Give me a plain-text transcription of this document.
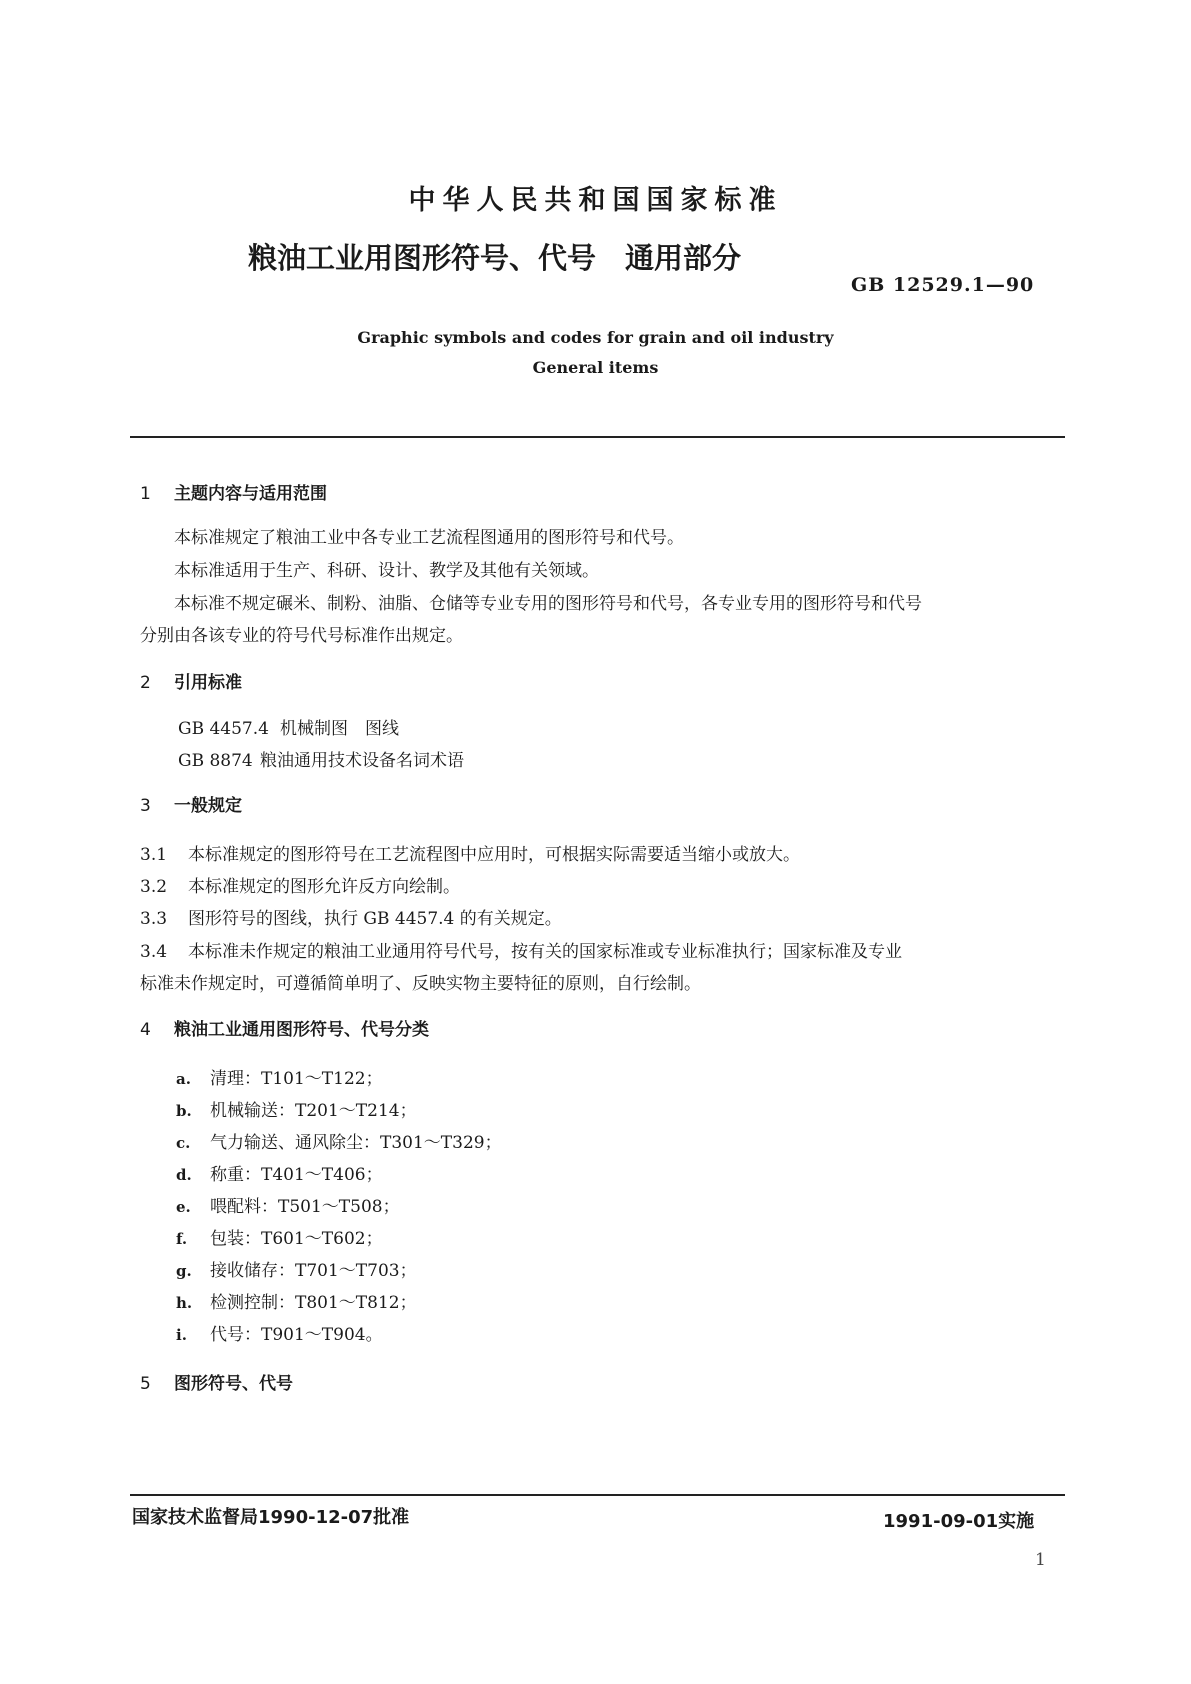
中华人民共和国国家标准
粮油工业用图形符号、代号　通用部分
GB 12529.1—90
Graphic symbols and codes for grain and oil industry
General items
1 主题内容与适用范围
本标准规定了粮油工业中各专业工艺流程图通用的图形符号和代号。
本标准适用于生产、科研、设计、教学及其他有关领域。
本标准不规定碾米、制粉、油脂、仓储等专业专用的图形符号和代号，各专业专用的图形符号和代号
分别由各该专业的符号代号标准作出规定。
2 引用标准
GB 4457.4 机械制图　图线
GB 8874 粮油通用技术设备名词术语
3 一般规定
3.1 本标准规定的图形符号在工艺流程图中应用时，可根据实际需要适当缩小或放大。
3.2 本标准规定的图形允许反方向绘制。
3.3 图形符号的图线，执行 GB 4457.4 的有关规定。
3.4 本标准未作规定的粮油工业通用符号代号，按有关的国家标准或专业标准执行；国家标准及专业
标准未作规定时，可遵循简单明了、反映实物主要特征的原则，自行绘制。
4 粮油工业通用图形符号、代号分类
a. 清理：T101～T122；
b. 机械输送：T201～T214；
c. 气力输送、通风除尘：T301～T329；
d. 称重：T401～T406；
e. 喂配料：T501～T508；
f. 包装：T601～T602；
g. 接收储存：T701～T703；
h. 检测控制：T801～T812；
i. 代号：T901～T904。
5 图形符号、代号
国家技术监督局1990-12-07批准	1991-09-01实施
1
